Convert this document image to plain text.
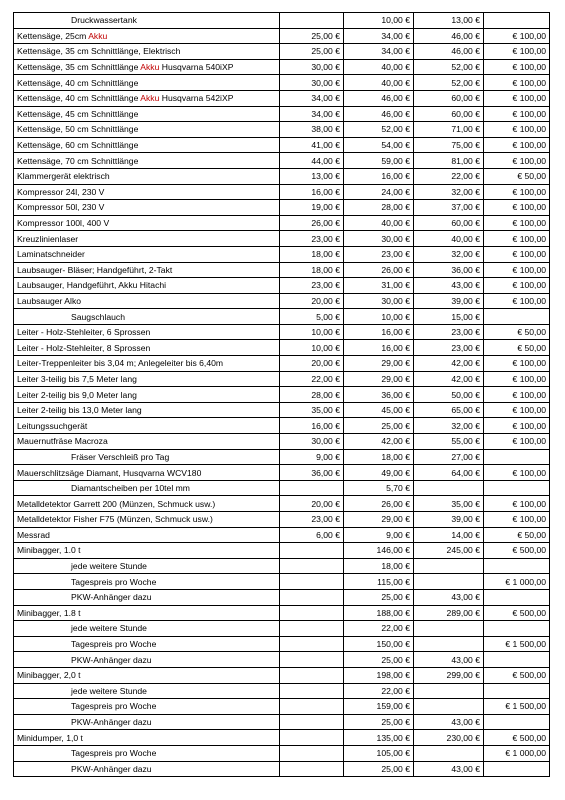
Druckwassertank		10,00 €	13,00 €	
Kettensäge, 25cm Akku	25,00 €	34,00 €	46,00 €	€ 100,00
Kettensäge, 35 cm Schnittlänge, Elektrisch	25,00 €	34,00 €	46,00 €	€ 100,00
Kettensäge, 35 cm Schnittlänge Akku Husqvarna 540iXP	30,00 €	40,00 €	52,00 €	€ 100,00
Kettensäge, 40 cm Schnittlänge	30,00 €	40,00 €	52,00 €	€ 100,00
Kettensäge, 40 cm Schnittlänge Akku Husqvarna 542iXP	34,00 €	46,00 €	60,00 €	€ 100,00
Kettensäge, 45 cm Schnittlänge	34,00 €	46,00 €	60,00 €	€ 100,00
Kettensäge, 50 cm Schnittlänge	38,00 €	52,00 €	71,00 €	€ 100,00
Kettensäge, 60 cm Schnittlänge	41,00 €	54,00 €	75,00 €	€ 100,00
Kettensäge, 70 cm Schnittlänge	44,00 €	59,00 €	81,00 €	€ 100,00
Klammergerät elektrisch	13,00 €	16,00 €	22,00 €	€ 50,00
Kompressor 24l, 230 V	16,00 €	24,00 €	32,00 €	€ 100,00
Kompressor 50l, 230 V	19,00 €	28,00 €	37,00 €	€ 100,00
Kompressor 100l, 400 V	26,00 €	40,00 €	60,00 €	€ 100,00
Kreuzlinienlaser	23,00 €	30,00 €	40,00 €	€ 100,00
Laminatschneider	18,00 €	23,00 €	32,00 €	€ 100,00
Laubsauger- Bläser; Handgeführt, 2-Takt	18,00 €	26,00 €	36,00 €	€ 100,00
Laubsauger, Handgeführt, Akku Hitachi	23,00 €	31,00 €	43,00 €	€ 100,00
Laubsauger Alko	20,00 €	30,00 €	39,00 €	€ 100,00
Saugschlauch	5,00 €	10,00 €	15,00 €	
Leiter - Holz-Stehleiter, 6 Sprossen	10,00 €	16,00 €	23,00 €	€ 50,00
Leiter - Holz-Stehleiter, 8 Sprossen	10,00 €	16,00 €	23,00 €	€ 50,00
Leiter-Treppenleiter bis 3,04 m; Anlegeleiter bis 6,40m	20,00 €	29,00 €	42,00 €	€ 100,00
Leiter 3-teilig bis 7,5 Meter lang	22,00 €	29,00 €	42,00 €	€ 100,00
Leiter 2-teilig bis 9,0 Meter lang	28,00 €	36,00 €	50,00 €	€ 100,00
Leiter 2-teilig bis 13,0 Meter lang	35,00 €	45,00 €	65,00 €	€ 100,00
Leitungssuchgerät	16,00 €	25,00 €	32,00 €	€ 100,00
Mauernutfräse Macroza	30,00 €	42,00 €	55,00 €	€ 100,00
Fräser Verschleiß pro Tag	9,00 €	18,00 €	27,00 €	
Mauerschlitzsäge Diamant, Husqvarna WCV180	36,00 €	49,00 €	64,00 €	€ 100,00
Diamantscheiben per 10tel mm		5,70 €		
Metalldetektor Garrett 200 (Münzen, Schmuck usw.)	20,00 €	26,00 €	35,00 €	€ 100,00
Metalldetektor Fisher F75 (Münzen, Schmuck usw.)	23,00 €	29,00 €	39,00 €	€ 100,00
Messrad	6,00 €	9,00 €	14,00 €	€ 50,00
Minibagger, 1.0 t		146,00 €	245,00 €	€ 500,00
jede weitere Stunde		18,00 €		
Tagespreis pro Woche		115,00 €		€ 1 000,00
PKW-Anhänger dazu		25,00 €	43,00 €	
Minibagger, 1.8 t		188,00 €	289,00 €	€ 500,00
jede weitere Stunde		22,00 €		
Tagespreis pro Woche		150,00 €		€ 1 500,00
PKW-Anhänger dazu		25,00 €	43,00 €	
Minibagger, 2,0 t		198,00 €	299,00 €	€ 500,00
jede weitere Stunde		22,00 €		
Tagespreis pro Woche		159,00 €		€ 1 500,00
PKW-Anhänger dazu		25,00 €	43,00 €	
Minidumper, 1,0 t		135,00 €	230,00 €	€ 500,00
Tagespreis pro Woche		105,00 €		€ 1 000,00
PKW-Anhänger dazu		25,00 €	43,00 €	
